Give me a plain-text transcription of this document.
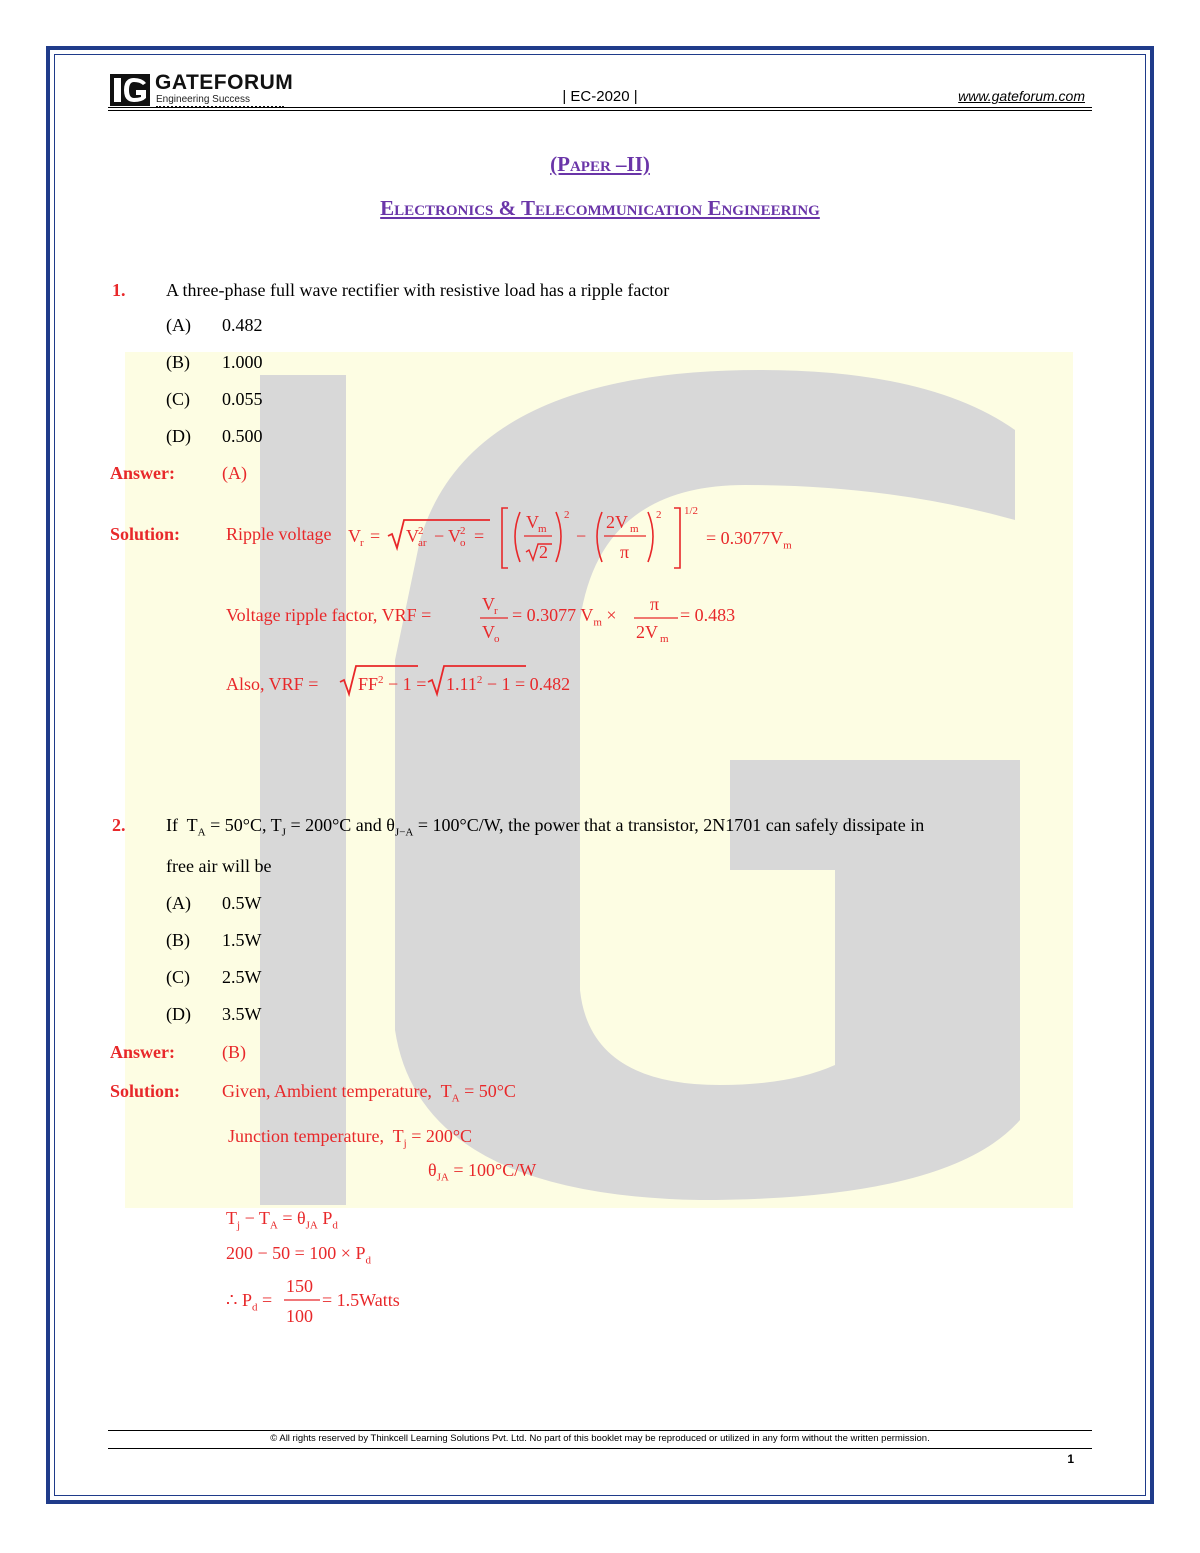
GATEFORUM
Engineering Success	| EC-2020 |	www.gateforum.com
(Paper –II)
Electronics & Telecommunication Engineering
1. A three-phase full wave rectifier with resistive load has a ripple factor
(A) 0.482
(B) 1.000
(C) 0.055
(D) 0.500
Answer:	(A)
Solution:	Ripple voltage V r = V 2
ar − V 2
o =
V m
2
2
−
2V m
π
2 1/2
= $0.3077V_m$
Voltage ripple factor, VRF =
V r
V o
= 0.3077 $V_m$ ×
π
2V m
= 0.483
Also, VRF = $FF^2 - 1 = 1.11^2 - 1 = 0.482$
2. If  $T_A = 50^\circ C$, $T_J = 200^\circ C$ and $\theta_{J-A} = 100^\circ C/W$, the power that a transistor, 2N1701 can safely dissipate in
free air will be
(A) 0.5W
(B) 1.5W
(C) 2.5W
(D) 3.5W
Answer:	(B)
Solution: Given, Ambient temperature,  $T_A = 50^\circ C$
Junction temperature,  $T_j = 200^\circ C$
$\theta_{JA} = 100^\circ C/W$
$T_j - T_A = \theta_{JA}$ $P_d$
$200 - 50 = 100 \times P_d$
∴ $P_d$ =
150
100
= 1.5Watts
© All rights reserved by Thinkcell Learning Solutions Pvt. Ltd. No part of this booklet may be reproduced or utilized in any form without the written permission.
1
